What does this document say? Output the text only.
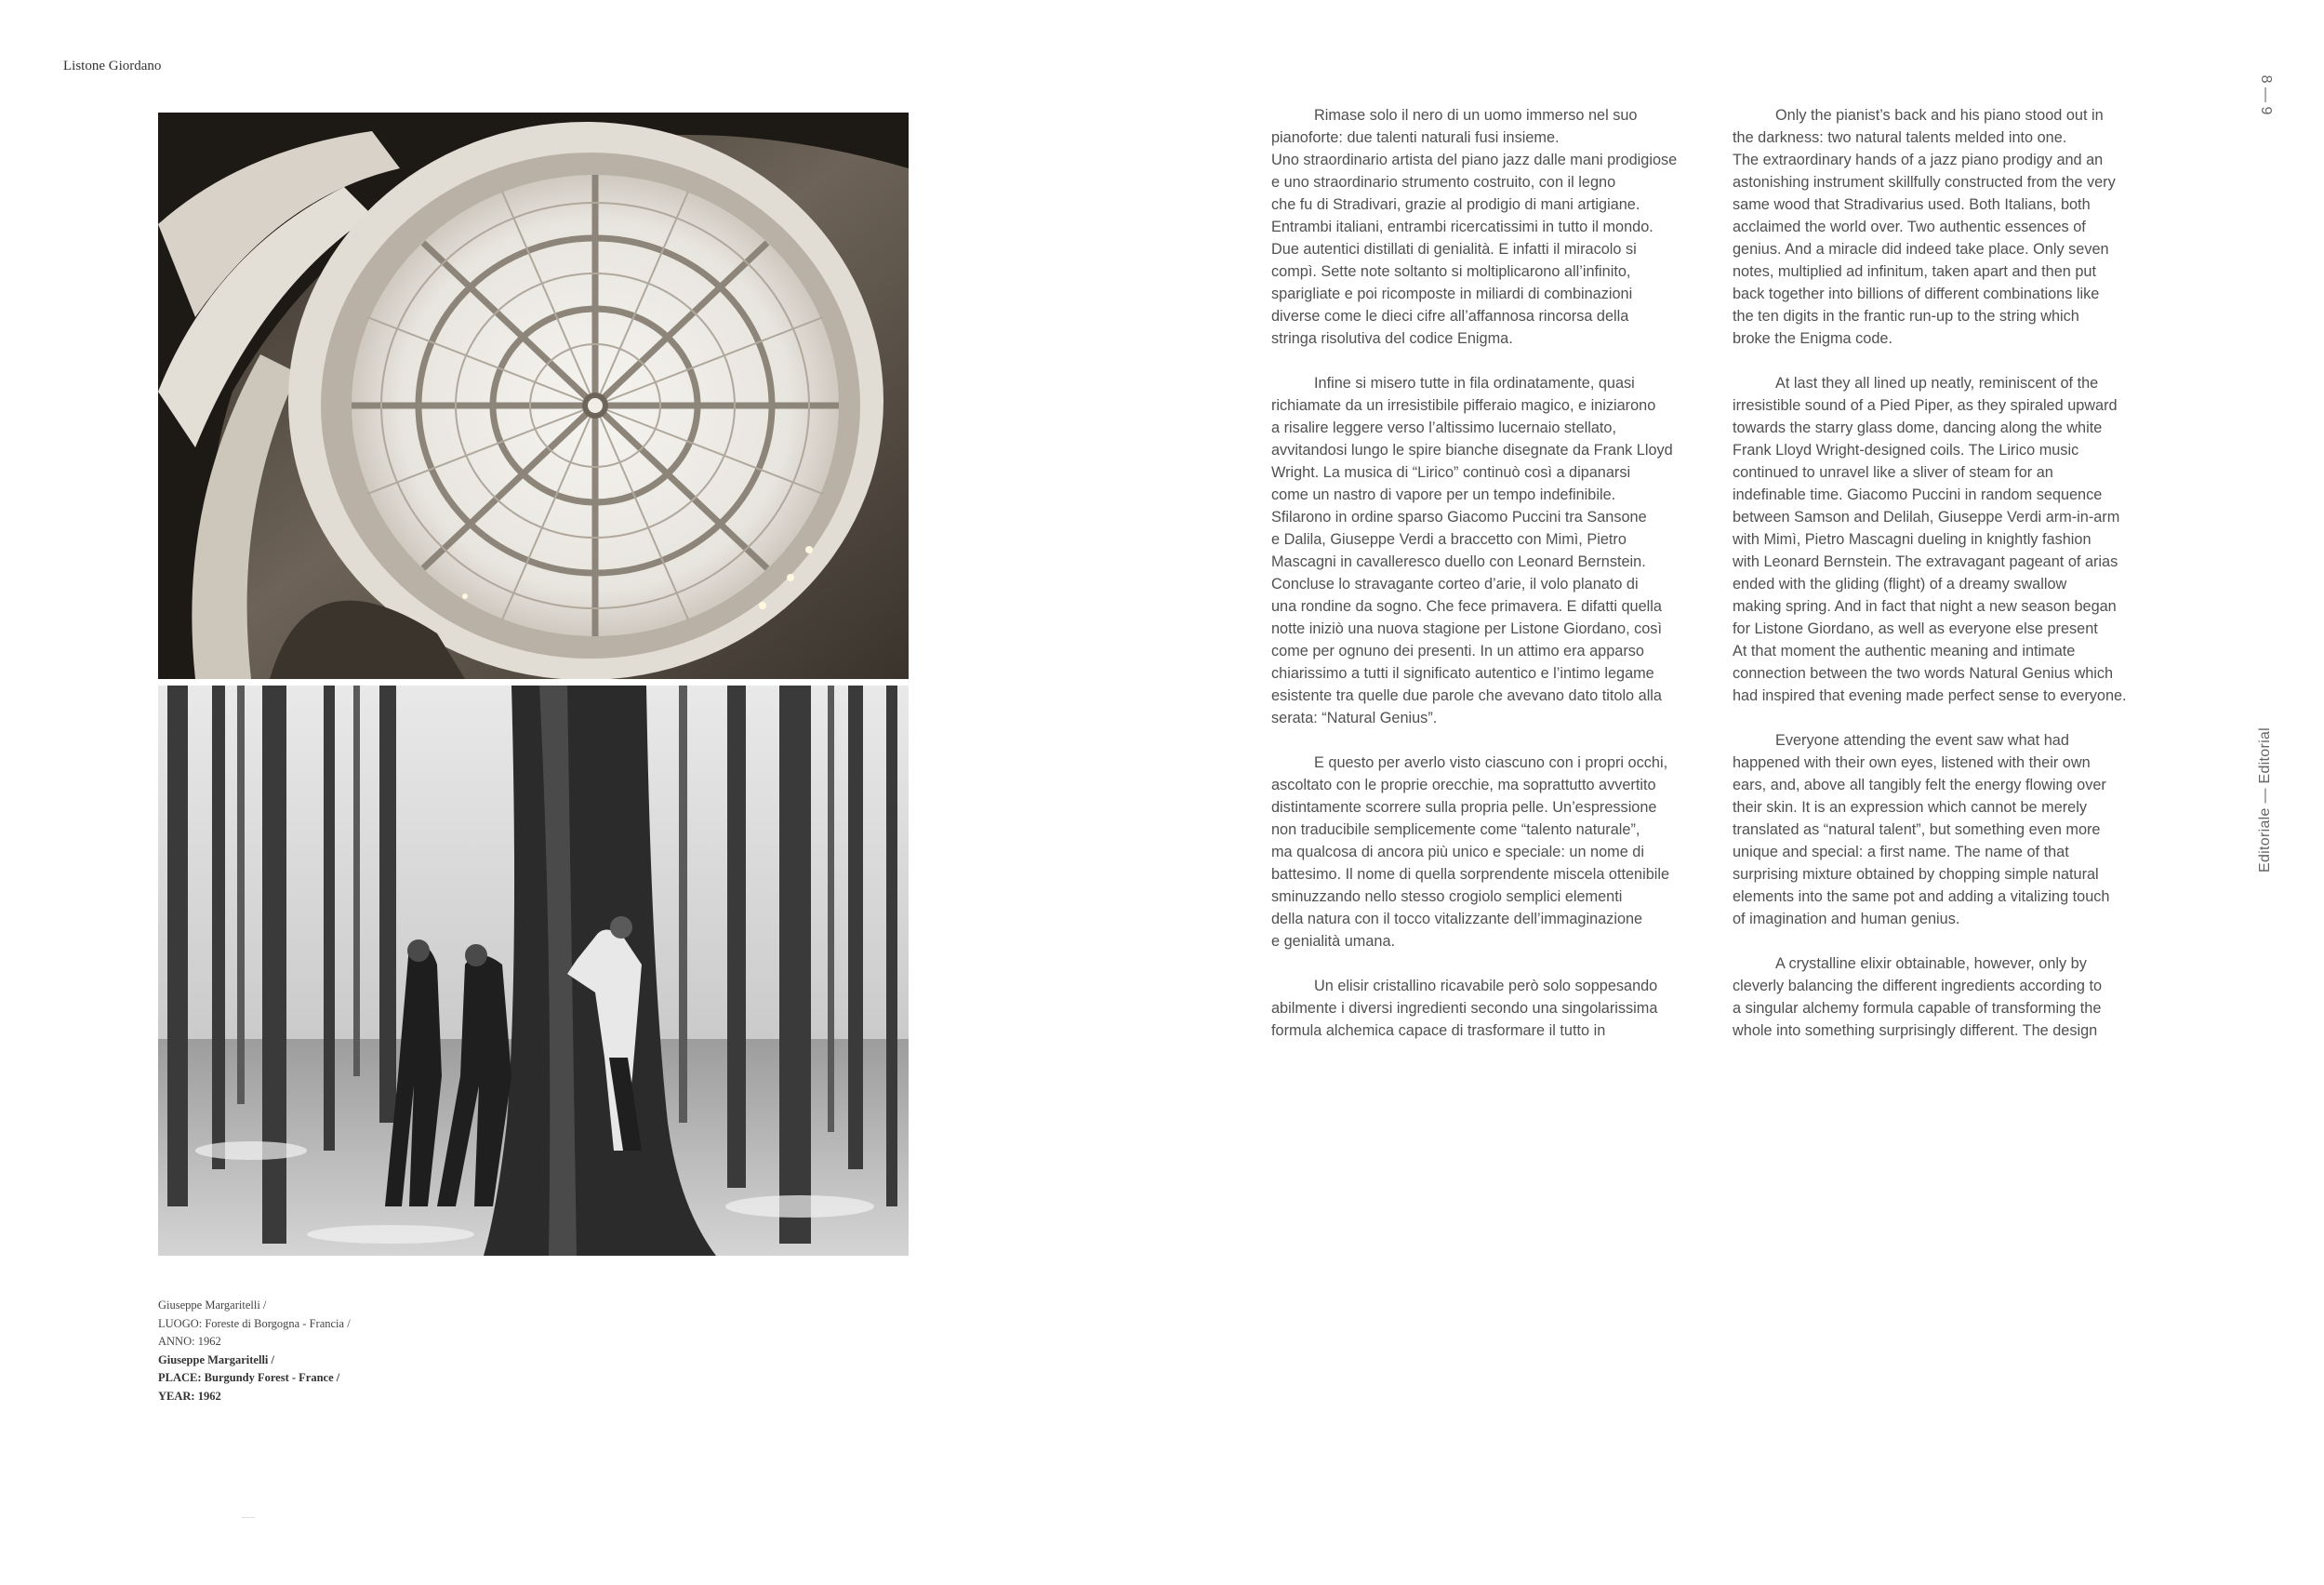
Listone Giordano
Giuseppe Margaritelli /
LUOGO: Foreste di Borgogna - Francia /
ANNO: 1962
Giuseppe Margaritelli /
PLACE: Burgundy Forest - France /
YEAR: 1962

Rimase solo il nero di un uomo immerso nel suo
pianoforte: due talenti naturali fusi insieme.
Uno straordinario artista del piano jazz dalle mani prodigiose
e uno straordinario strumento costruito, con il legno
che fu di Stradivari, grazie al prodigio di mani artigiane.
Entrambi italiani, entrambi ricercatissimi in tutto il mondo.
Due autentici distillati di genialità. E infatti il miracolo si
compì. Sette note soltanto si moltiplicarono all’infinito,
sparigliate e poi ricomposte in miliardi di combinazioni
diverse come le dieci cifre all’affannosa rincorsa della
stringa risolutiva del codice Enigma.

Infine si misero tutte in fila ordinatamente, quasi
richiamate da un irresistibile pifferaio magico, e iniziarono
a risalire leggere verso l’altissimo lucernaio stellato,
avvitandosi lungo le spire bianche disegnate da Frank Lloyd
Wright. La musica di “Lirico” continuò così a dipanarsi
come un nastro di vapore per un tempo indefinibile.
Sfilarono in ordine sparso Giacomo Puccini tra Sansone
e Dalila, Giuseppe Verdi a braccetto con Mimì, Pietro
Mascagni in cavalleresco duello con Leonard Bernstein.
Concluse lo stravagante corteo d’arie, il volo planato di
una rondine da sogno. Che fece primavera. E difatti quella
notte iniziò una nuova stagione per Listone Giordano, così
come per ognuno dei presenti. In un attimo era apparso
chiarissimo a tutti il significato autentico e l’intimo legame
esistente tra quelle due parole che avevano dato titolo alla
serata: “Natural Genius”.

E questo per averlo visto ciascuno con i propri occhi,
ascoltato con le proprie orecchie, ma soprattutto avvertito
distintamente scorrere sulla propria pelle. Un’espressione
non traducibile semplicemente come “talento naturale”,
ma qualcosa di ancora più unico e speciale: un nome di
battesimo. Il nome di quella sorprendente miscela ottenibile
sminuzzando nello stesso crogiolo semplici elementi
della natura con il tocco vitalizzante dell’immaginazione
e genialità umana.

Un elisir cristallino ricavabile però solo soppesando
abilmente i diversi ingredienti secondo una singolarissima
formula alchemica capace di trasformare il tutto in

Only the pianist’s back and his piano stood out in
the darkness: two natural talents melded into one.
The extraordinary hands of a jazz piano prodigy and an
astonishing instrument skillfully constructed from the very
same wood that Stradivarius used. Both Italians, both
acclaimed the world over. Two authentic essences of
genius. And a miracle did indeed take place. Only seven
notes, multiplied ad infinitum, taken apart and then put
back together into billions of different combinations like
the ten digits in the frantic run-up to the string which
broke the Enigma code.

At last they all lined up neatly, reminiscent of the
irresistible sound of a Pied Piper, as they spiraled upward
towards the starry glass dome, dancing along the white
Frank Lloyd Wright-designed coils. The Lirico music
continued to unravel like a sliver of steam for an
indefinable time. Giacomo Puccini in random sequence
between Samson and Delilah, Giuseppe Verdi arm-in-arm
with Mimì, Pietro Mascagni dueling in knightly fashion
with Leonard Bernstein. The extravagant pageant of arias
ended with the gliding (flight) of a dreamy swallow
making spring. And in fact that night a new season began
for Listone Giordano, as well as everyone else present
At that moment the authentic meaning and intimate
connection between the two words Natural Genius which
had inspired that evening made perfect sense to everyone.

Everyone attending the event saw what had
happened with their own eyes, listened with their own
ears, and, above all tangibly felt the energy flowing over
their skin. It is an expression which cannot be merely
translated as “natural talent”, but something even more
unique and special: a first name. The name of that
surprising mixture obtained by chopping simple natural
elements into the same pot and adding a vitalizing touch
of imagination and human genius.

A crystalline elixir obtainable, however, only by
cleverly balancing the different ingredients according to
a singular alchemy formula capable of transforming the
whole into something surprisingly different. The design

8 — 9
Editoriale — Editorial
